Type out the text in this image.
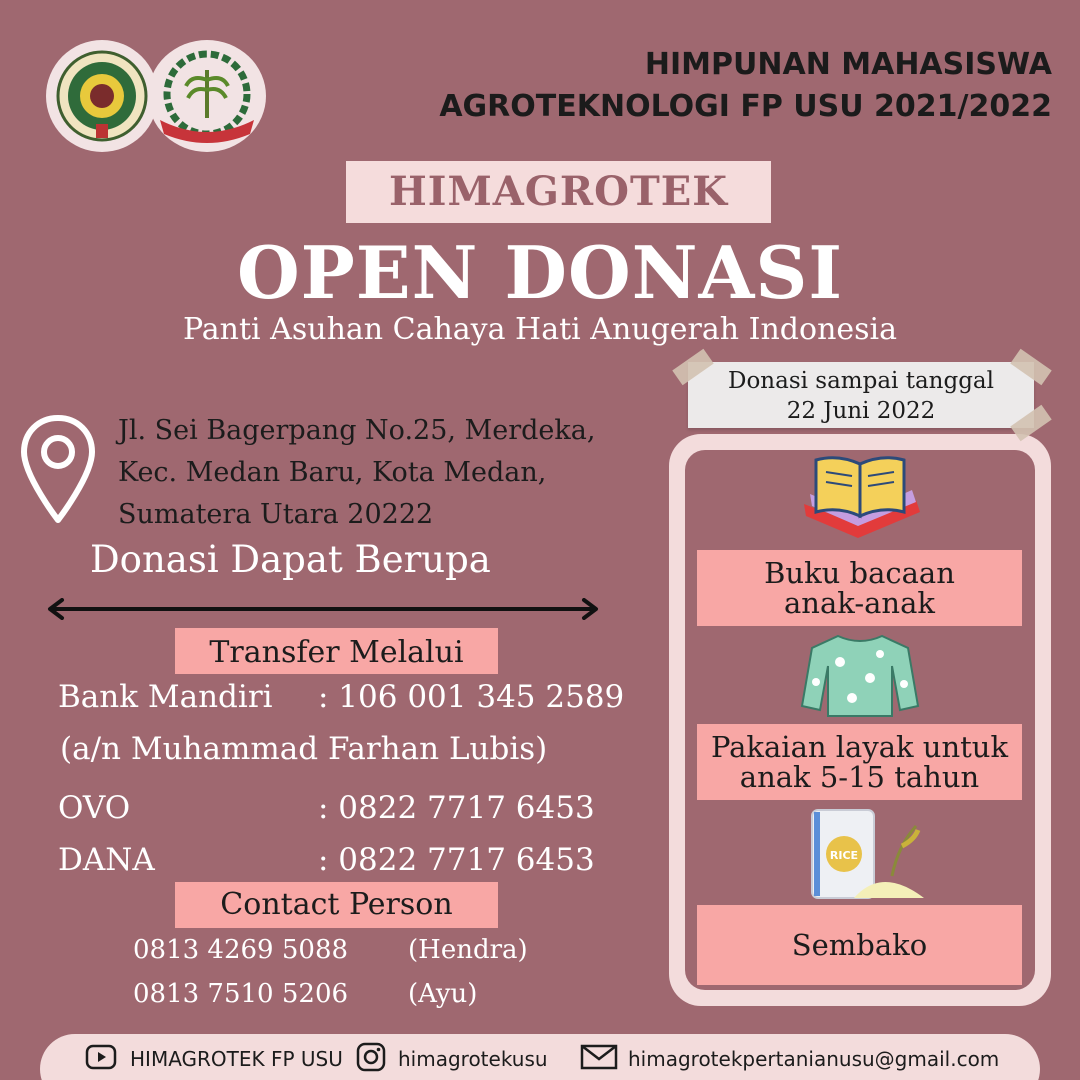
HIMPUNAN MAHASISWA
AGROTEKNOLOGI FP USU 2021/2022
HIMAGROTEK
OPEN DONASI
Panti Asuhan Cahaya Hati Anugerah Indonesia
Jl. Sei Bagerpang No.25, Merdeka,
Kec. Medan Baru, Kota Medan,
Sumatera Utara 20222
Donasi Dapat Berupa
Transfer Melalui
Bank Mandiri : 106 001 345 2589
(a/n Muhammad Farhan Lubis)
OVO	: 0822 7717 6453
DANA	: 0822 7717 6453
Contact Person
0813 4269 5088 (Hendra)
0813 7510 5206 (Ayu)
Donasi sampai tanggal
22 Juni 2022
Buku bacaan
anak-anak
Pakaian layak untuk
anak 5-15 tahun
RICE
Sembako
HIMAGROTEK FP USU	himagrotekusu	himagrotekpertanianusu@gmail.com
